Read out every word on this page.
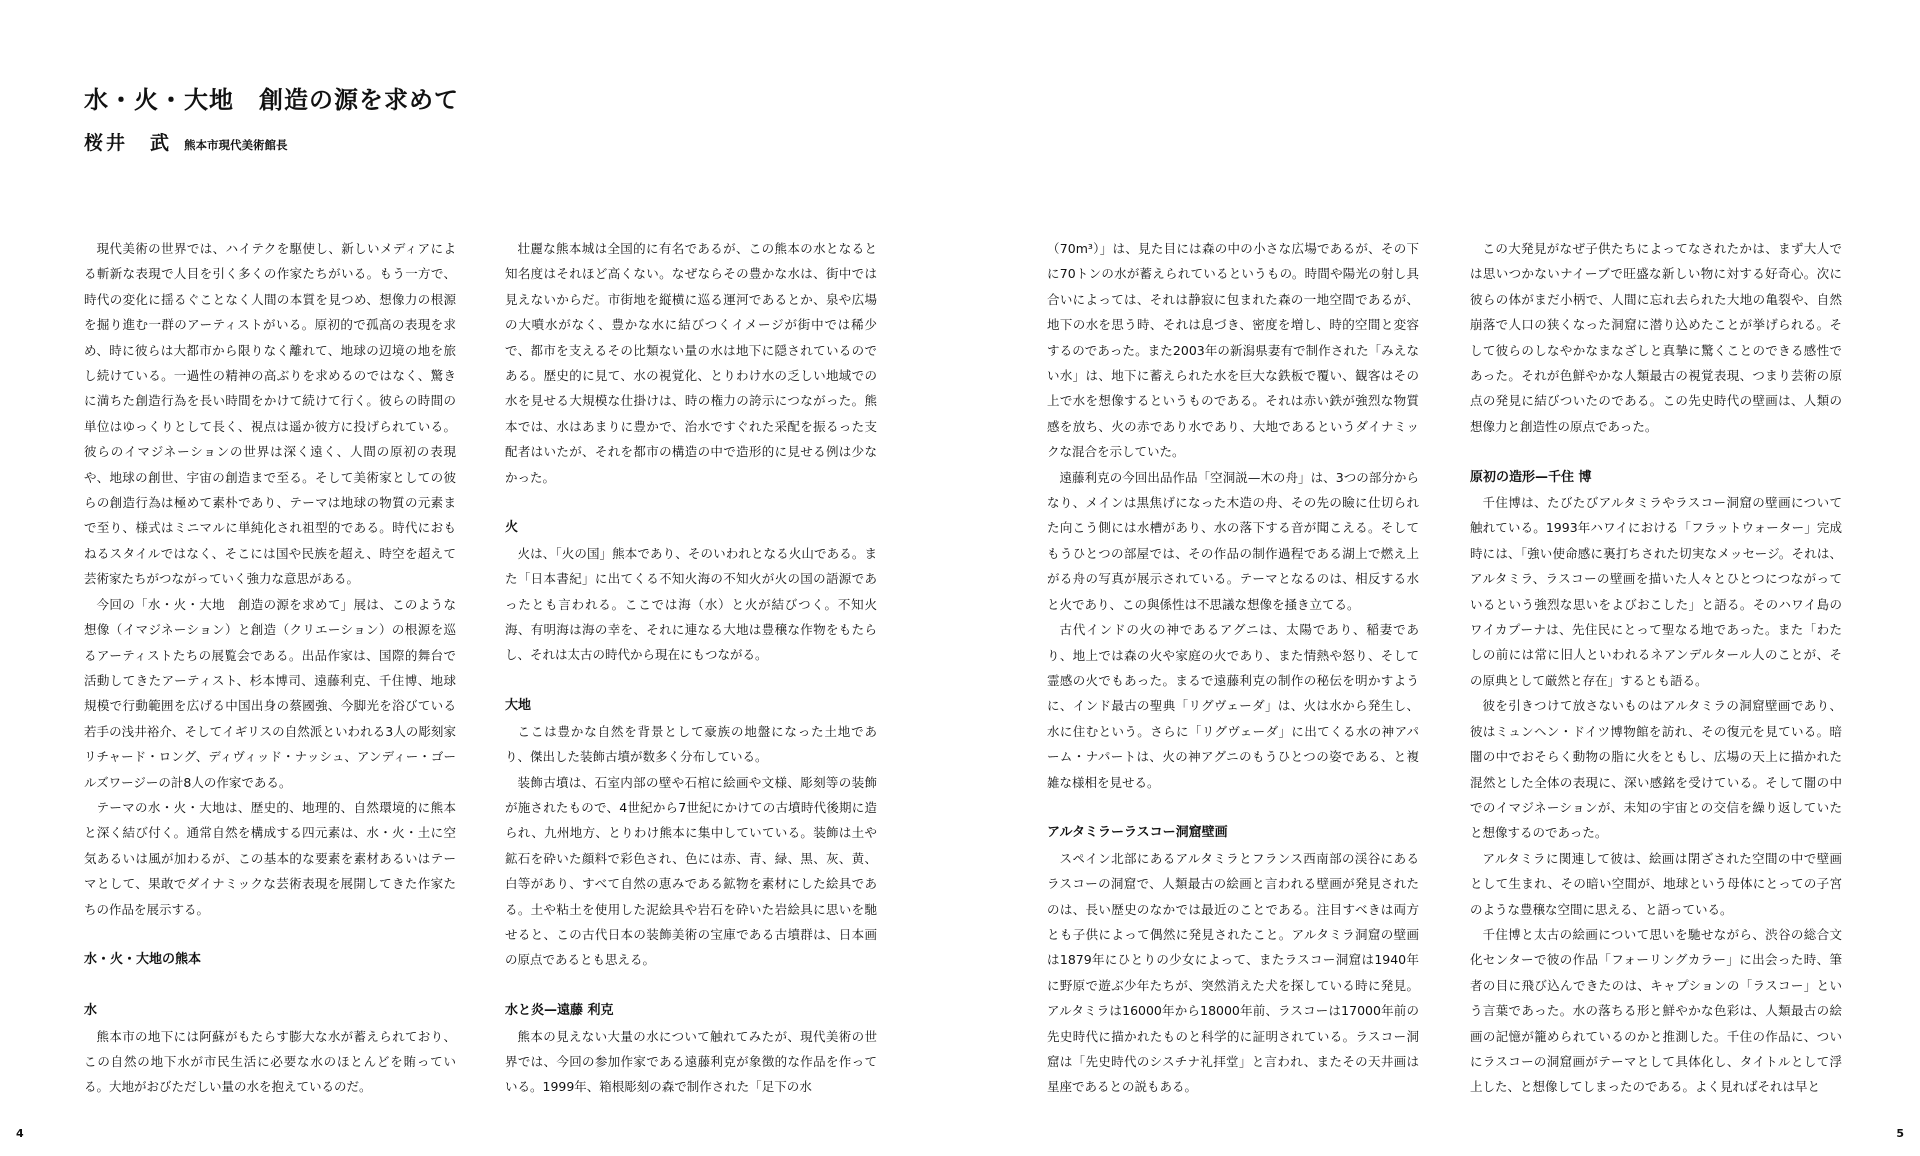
水・火・大地　創造の源を求めて
桜井　武 熊本市現代美術館長

現代美術の世界では、ハイテクを駆使し、新しいメディアによる斬新な表現で人目を引く多くの作家たちがいる。もう一方で、時代の変化に揺るぐことなく人間の本質を見つめ、想像力の根源を掘り進む一群のアーティストがいる。原初的で孤高の表現を求め、時に彼らは大都市から限りなく離れて、地球の辺境の地を旅し続けている。一過性の精神の高ぶりを求めるのではなく、驚きに満ちた創造行為を長い時間をかけて続けて行く。彼らの時間の単位はゆっくりとして長く、視点は遥か彼方に投げられている。彼らのイマジネーションの世界は深く遠く、人間の原初の表現や、地球の創世、宇宙の創造まで至る。そして美術家としての彼らの創造行為は極めて素朴であり、テーマは地球の物質の元素まで至り、様式はミニマルに単純化され祖型的である。時代におもねるスタイルではなく、そこには国や民族を超え、時空を超えて芸術家たちがつながっていく強力な意思がある。

今回の「水・火・大地　創造の源を求めて」展は、このような想像（イマジネーション）と創造（クリエーション）の根源を巡るアーティストたちの展覧会である。出品作家は、国際的舞台で活動してきたアーティスト、杉本博司、遠藤利克、千住博、地球規模で行動範囲を広げる中国出身の蔡國強、今脚光を浴びている若手の浅井裕介、そしてイギリスの自然派といわれる3人の彫刻家リチャード・ロング、ディヴィッド・ナッシュ、アンディー・ゴールズワージーの計8人の作家である。

テーマの水・火・大地は、歴史的、地理的、自然環境的に熊本と深く結び付く。通常自然を構成する四元素は、水・火・土に空気あるいは風が加わるが、この基本的な要素を素材あるいはテーマとして、果敢でダイナミックな芸術表現を展開してきた作家たちの作品を展示する。

水・火・大地の熊本
水

熊本市の地下には阿蘇がもたらす膨大な水が蓄えられており、この自然の地下水が市民生活に必要な水のほとんどを賄っている。大地がおびただしい量の水を抱えているのだ。

壮麗な熊本城は全国的に有名であるが、この熊本の水となると知名度はそれほど高くない。なぜならその豊かな水は、街中では見えないからだ。市街地を縦横に巡る運河であるとか、泉や広場の大噴水がなく、豊かな水に結びつくイメージが街中では稀少で、都市を支えるその比類ない量の水は地下に隠されているのである。歴史的に見て、水の視覚化、とりわけ水の乏しい地域での水を見せる大規模な仕掛けは、時の権力の誇示につながった。熊本では、水はあまりに豊かで、治水ですぐれた采配を振るった支配者はいたが、それを都市の構造の中で造形的に見せる例は少なかった。

火

火は、「火の国」熊本であり、そのいわれとなる火山である。また「日本書紀」に出てくる不知火海の不知火が火の国の語源であったとも言われる。ここでは海（水）と火が結びつく。不知火海、有明海は海の幸を、それに連なる大地は豊穣な作物をもたらし、それは太古の時代から現在にもつながる。

大地

ここは豊かな自然を背景として豪族の地盤になった土地であり、傑出した装飾古墳が数多く分布している。

装飾古墳は、石室内部の壁や石棺に絵画や文様、彫刻等の装飾が施されたもので、4世紀から7世紀にかけての古墳時代後期に造られ、九州地方、とりわけ熊本に集中していている。装飾は土や鉱石を砕いた顔料で彩色され、色には赤、青、緑、黒、灰、黄、白等があり、すべて自然の恵みである鉱物を素材にした絵具である。土や粘土を使用した泥絵具や岩石を砕いた岩絵具に思いを馳せると、この古代日本の装飾美術の宝庫である古墳群は、日本画の原点であるとも思える。

水と炎—遠藤 利克

熊本の見えない大量の水について触れてみたが、現代美術の世界では、今回の参加作家である遠藤利克が象徴的な作品を作っている。1999年、箱根彫刻の森で制作された「足下の水

4

（70m³）」は、見た目には森の中の小さな広場であるが、その下に70トンの水が蓄えられているというもの。時間や陽光の射し具合いによっては、それは静寂に包まれた森の一地空間であるが、地下の水を思う時、それは息づき、密度を増し、時的空間と変容するのであった。また2003年の新潟県妻有で制作された「みえない水」は、地下に蓄えられた水を巨大な鉄板で覆い、観客はその上で水を想像するというものである。それは赤い鉄が強烈な物質感を放ち、火の赤であり水であり、大地であるというダイナミックな混合を示していた。

遠藤利克の今回出品作品「空洞説—木の舟」は、3つの部分からなり、メインは黒焦げになった木造の舟、その先の瞼に仕切られた向こう側には水槽があり、水の落下する音が聞こえる。そしてもうひとつの部屋では、その作品の制作過程である湖上で燃え上がる舟の写真が展示されている。テーマとなるのは、相反する水と火であり、この與係性は不思議な想像を掻き立てる。

古代インドの火の神であるアグニは、太陽であり、稲妻であり、地上では森の火や家庭の火であり、また情熱や怒り、そして霊感の火でもあった。まるで遠藤利克の制作の秘伝を明かすように、インド最古の聖典「リグヴェーダ」は、火は水から発生し、水に住むという。さらに「リグヴェーダ」に出てくる水の神アパーム・ナパートは、火の神アグニのもうひとつの姿である、と複雑な様相を見せる。

アルタミラーラスコー洞窟壁画

スペイン北部にあるアルタミラとフランス西南部の渓谷にあるラスコーの洞窟で、人類最古の絵画と言われる壁画が発見されたのは、長い歴史のなかでは最近のことである。注目すべきは両方とも子供によって偶然に発見されたこと。アルタミラ洞窟の壁画は1879年にひとりの少女によって、またラスコー洞窟は1940年に野原で遊ぶ少年たちが、突然消えた犬を探している時に発見。アルタミラは16000年から18000年前、ラスコーは17000年前の先史時代に描かれたものと科学的に証明されている。ラスコー洞窟は「先史時代のシスチナ礼拝堂」と言われ、またその天井画は星座であるとの説もある。

この大発見がなぜ子供たちによってなされたかは、まず大人では思いつかないナイーブで旺盛な新しい物に対する好奇心。次に彼らの体がまだ小柄で、人間に忘れ去られた大地の亀裂や、自然崩落で人口の狭くなった洞窟に潜り込めたことが挙げられる。そして彼らのしなやかなまなざしと真摯に驚くことのできる感性であった。それが色鮮やかな人類最古の視覚表現、つまり芸術の原点の発見に結びついたのである。この先史時代の壁画は、人類の想像力と創造性の原点であった。

原初の造形—千住 博

千住博は、たびたびアルタミラやラスコー洞窟の壁画について触れている。1993年ハワイにおける「フラットウォーター」完成時には、「強い使命感に裏打ちされた切実なメッセージ。それは、アルタミラ、ラスコーの壁画を描いた人々とひとつにつながっているという強烈な思いをよびおこした」と語る。そのハワイ島のワイカプーナは、先住民にとって聖なる地であった。また「わたしの前には常に旧人といわれるネアンデルタール人のことが、その原典として厳然と存在」するとも語る。

彼を引きつけて放さないものはアルタミラの洞窟壁画であり、彼はミュンヘン・ドイツ博物館を訪れ、その復元を見ている。暗闇の中でおそらく動物の脂に火をともし、広場の天上に描かれた混然とした全体の表現に、深い感銘を受けている。そして闇の中でのイマジネーションが、未知の宇宙との交信を繰り返していたと想像するのであった。

アルタミラに関連して彼は、絵画は閉ざされた空間の中で壁画として生まれ、その暗い空間が、地球という母体にとっての子宮のような豊穣な空間に思える、と語っている。

千住博と太古の絵画について思いを馳せながら、渋谷の総合文化センターで彼の作品「フォーリングカラー」に出会った時、筆者の目に飛び込んできたのは、キャプションの「ラスコー」という言葉であった。水の落ちる形と鮮やかな色彩は、人類最古の絵画の記憶が籠められているのかと推測した。千住の作品に、ついにラスコーの洞窟画がテーマとして具体化し、タイトルとして浮上した、と想像してしまったのである。よく見ればそれは早と

5
